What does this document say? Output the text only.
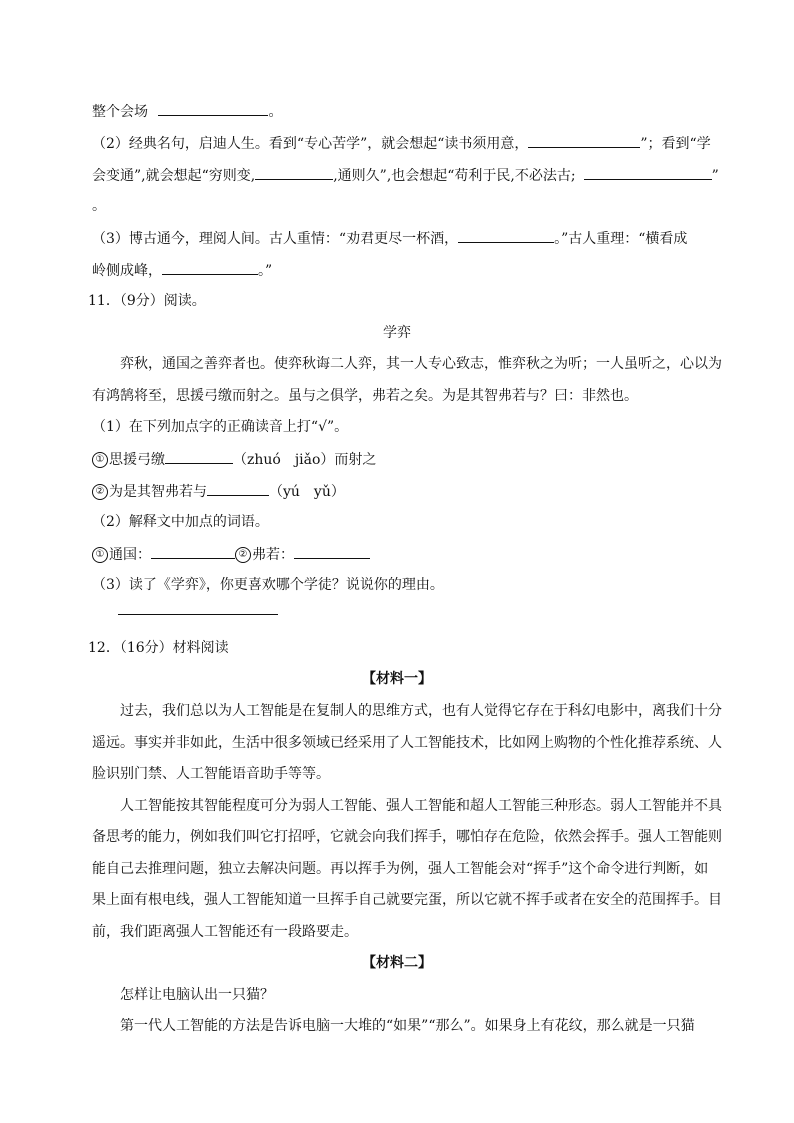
整个会场	。
（2）经典名句，启迪人生。看到“专心苦学”，就会想起“读书须用意，	”；看到“学
会变通”,就会想起“穷则变,	,通则久”,也会想起“苟利于民,不必法古;	”
。
（3）博古通今，理阅人间。古人重情：“劝君更尽一杯酒，	。”古人重理：“横看成
岭侧成峰，	。”
11．（9分）阅读。
学弈
弈秋，通国之善弈者也。使弈秋诲二人弈，其一人专心致志，惟弈秋之为听；一人虽听之，心以为
有鸿鹄将至，思援弓缴而射之。虽与之俱学，弗若之矣。为是其智弗若与？曰：非然也。
（1）在下列加点字的正确读音上打“√”。
① 思援弓缴	（zhuó　jiǎo）而射之
② 为是其智弗若与	（yú　yǔ）
（2）解释文中加点的词语。
① 通国：	② 弗若：
（3）读了《学弈》，你更喜欢哪个学徒？说说你的理由。
12．（16分）材料阅读
【材料一】
过去，我们总以为人工智能是在复制人的思维方式，也有人觉得它存在于科幻电影中，离我们十分
遥远。事实并非如此，生活中很多领域已经采用了人工智能技术，比如网上购物的个性化推荐系统、人
脸识别门禁、人工智能语音助手等等。
人工智能按其智能程度可分为弱人工智能、强人工智能和超人工智能三种形态。弱人工智能并不具
备思考的能力，例如我们叫它打招呼，它就会向我们挥手，哪怕存在危险，依然会挥手。强人工智能则
能自己去推理问题，独立去解决问题。再以挥手为例，强人工智能会对“挥手”这个命令进行判断，如
果上面有根电线，强人工智能知道一旦挥手自己就要完蛋，所以它就不挥手或者在安全的范围挥手。目
前，我们距离强人工智能还有一段路要走。
【材料二】
怎样让电脑认出一只猫？
第一代人工智能的方法是告诉电脑一大堆的“如果”“那么”。如果身上有花纹，那么就是一只猫
